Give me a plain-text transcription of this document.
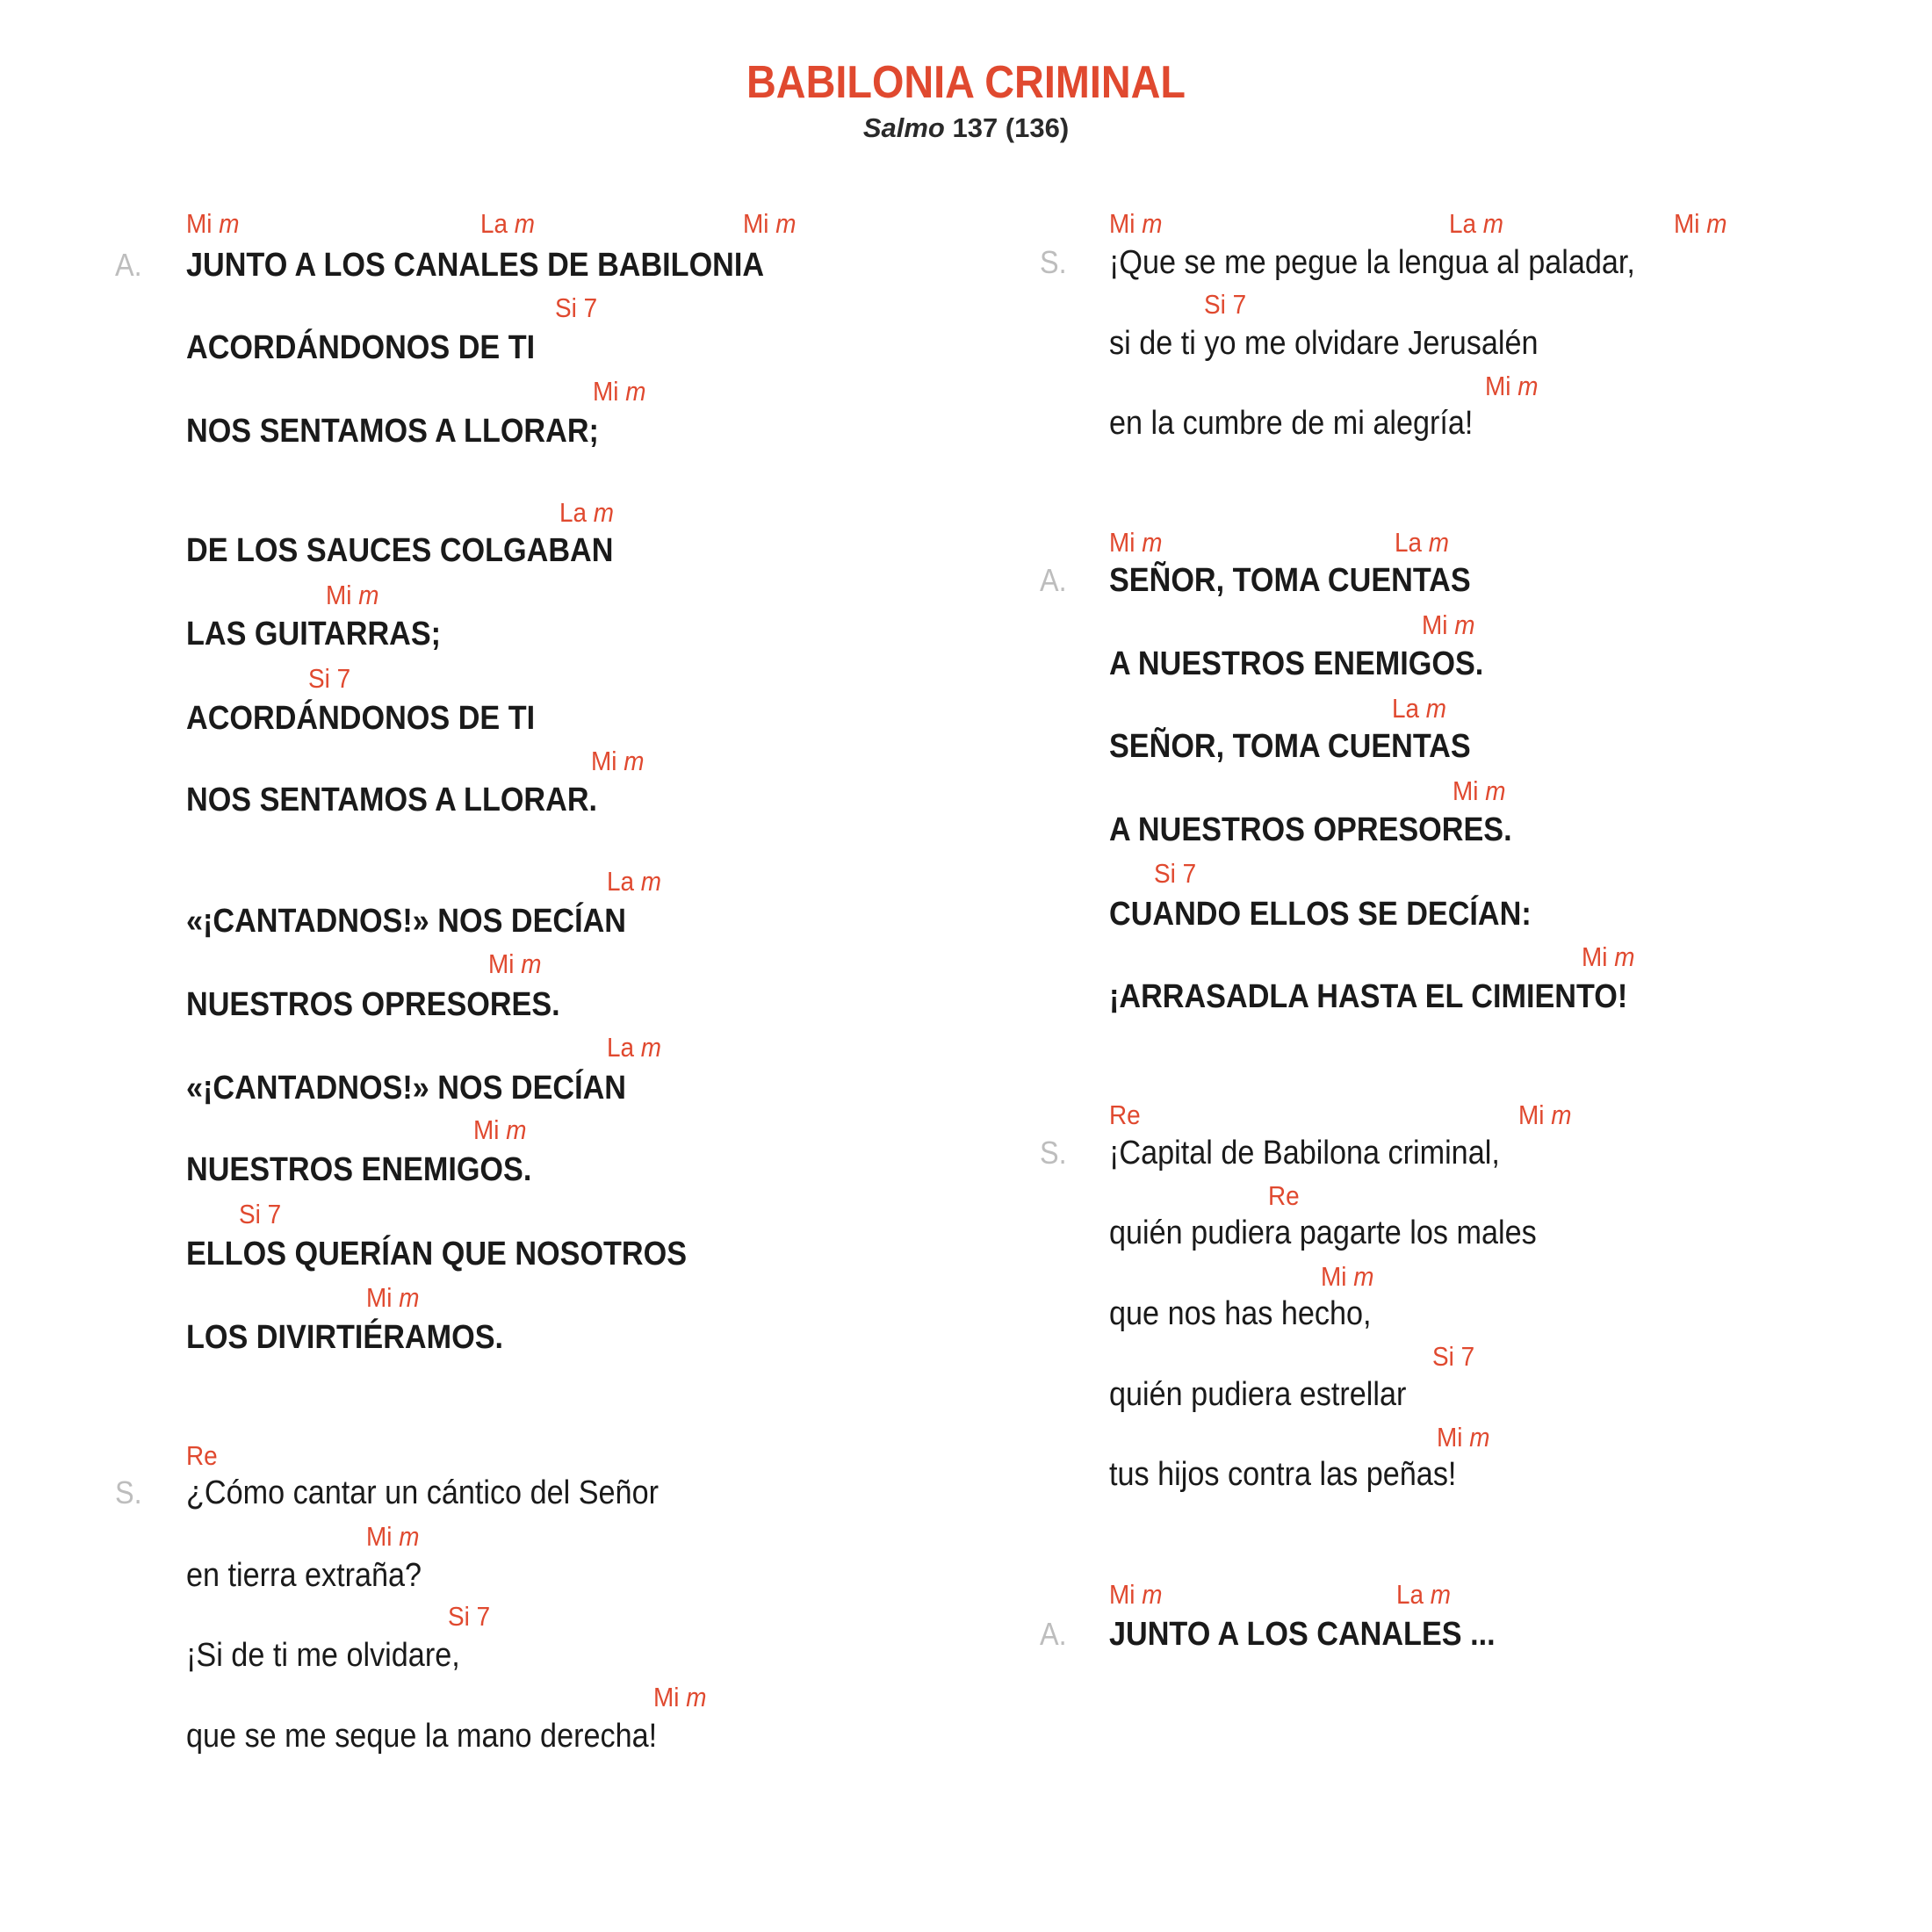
BABILONIA CRIMINAL
Salmo 137 (136)
A. JUNTO A LOS CANALES DE BABILONIA
Mi m	La m	Mi m
ACORDÁNDONOS DE TI
Si 7
NOS SENTAMOS A LLORAR;
Mi m
DE LOS SAUCES COLGABAN
La m
LAS GUITARRAS;
Mi m
ACORDÁNDONOS DE TI
Si 7
NOS SENTAMOS A LLORAR.
Mi m
«¡CANTADNOS!» NOS DECÍAN
La m
NUESTROS OPRESORES.
Mi m
«¡CANTADNOS!» NOS DECÍAN
La m
NUESTROS ENEMIGOS.
Mi m
ELLOS QUERÍAN QUE NOSOTROS
Si 7
LOS DIVIRTIÉRAMOS.
Mi m
S. ¿Cómo cantar un cántico del Señor
Re
en tierra extraña?
Mi m
¡Si de ti me olvidare,
Si 7
que se me seque la mano derecha!
Mi m
S. ¡Que se me pegue la lengua al paladar,
Mi m	La m	Mi m
si de ti yo me olvidare Jerusalén
Si 7
en la cumbre de mi alegría!
Mi m
A. SEÑOR, TOMA CUENTAS
Mi m	La m
A NUESTROS ENEMIGOS.
Mi m
SEÑOR, TOMA CUENTAS
La m
A NUESTROS OPRESORES.
Mi m
CUANDO ELLOS SE DECÍAN:
Si 7
¡ARRASADLA HASTA EL CIMIENTO!
Mi m
S. ¡Capital de Babilona criminal,
Re	Mi m
quién pudiera pagarte los males
Re
que nos has hecho,
Mi m
quién pudiera estrellar
Si 7
tus hijos contra las peñas!
Mi m
A. JUNTO A LOS CANALES ...
Mi m	La m
